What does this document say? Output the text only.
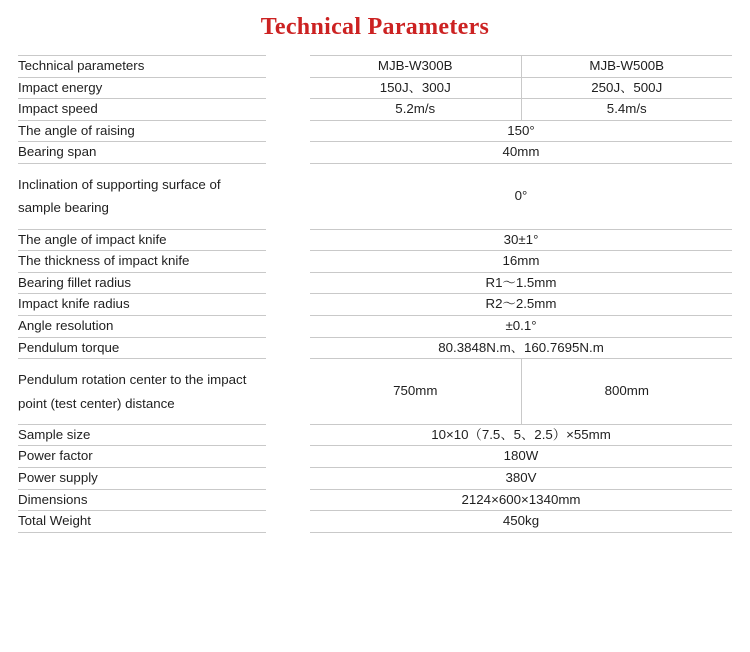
Technical Parameters
Technical parameters		MJB-W300B	MJB-W500B
Impact energy		150J、300J	250J、500J
Impact speed		5.2m/s	5.4m/s
The angle of raising		150°	
Bearing span		40mm	
Inclination of supporting surface of sample bearing		0°	
The angle of impact knife		30±1°	
The thickness of impact knife		16mm	
Bearing fillet radius		R1～1.5mm	
Impact knife radius		R2～2.5mm	
Angle resolution		±0.1°	
Pendulum torque		80.3848N.m、160.7695N.m	
Pendulum rotation center to the impact point (test center) distance		750mm	800mm
Sample size		10×10（7.5、5、2.5）×55mm	
Power factor		180W	
Power supply		380V	
Dimensions		2124×600×1340mm	
Total Weight		450kg	
